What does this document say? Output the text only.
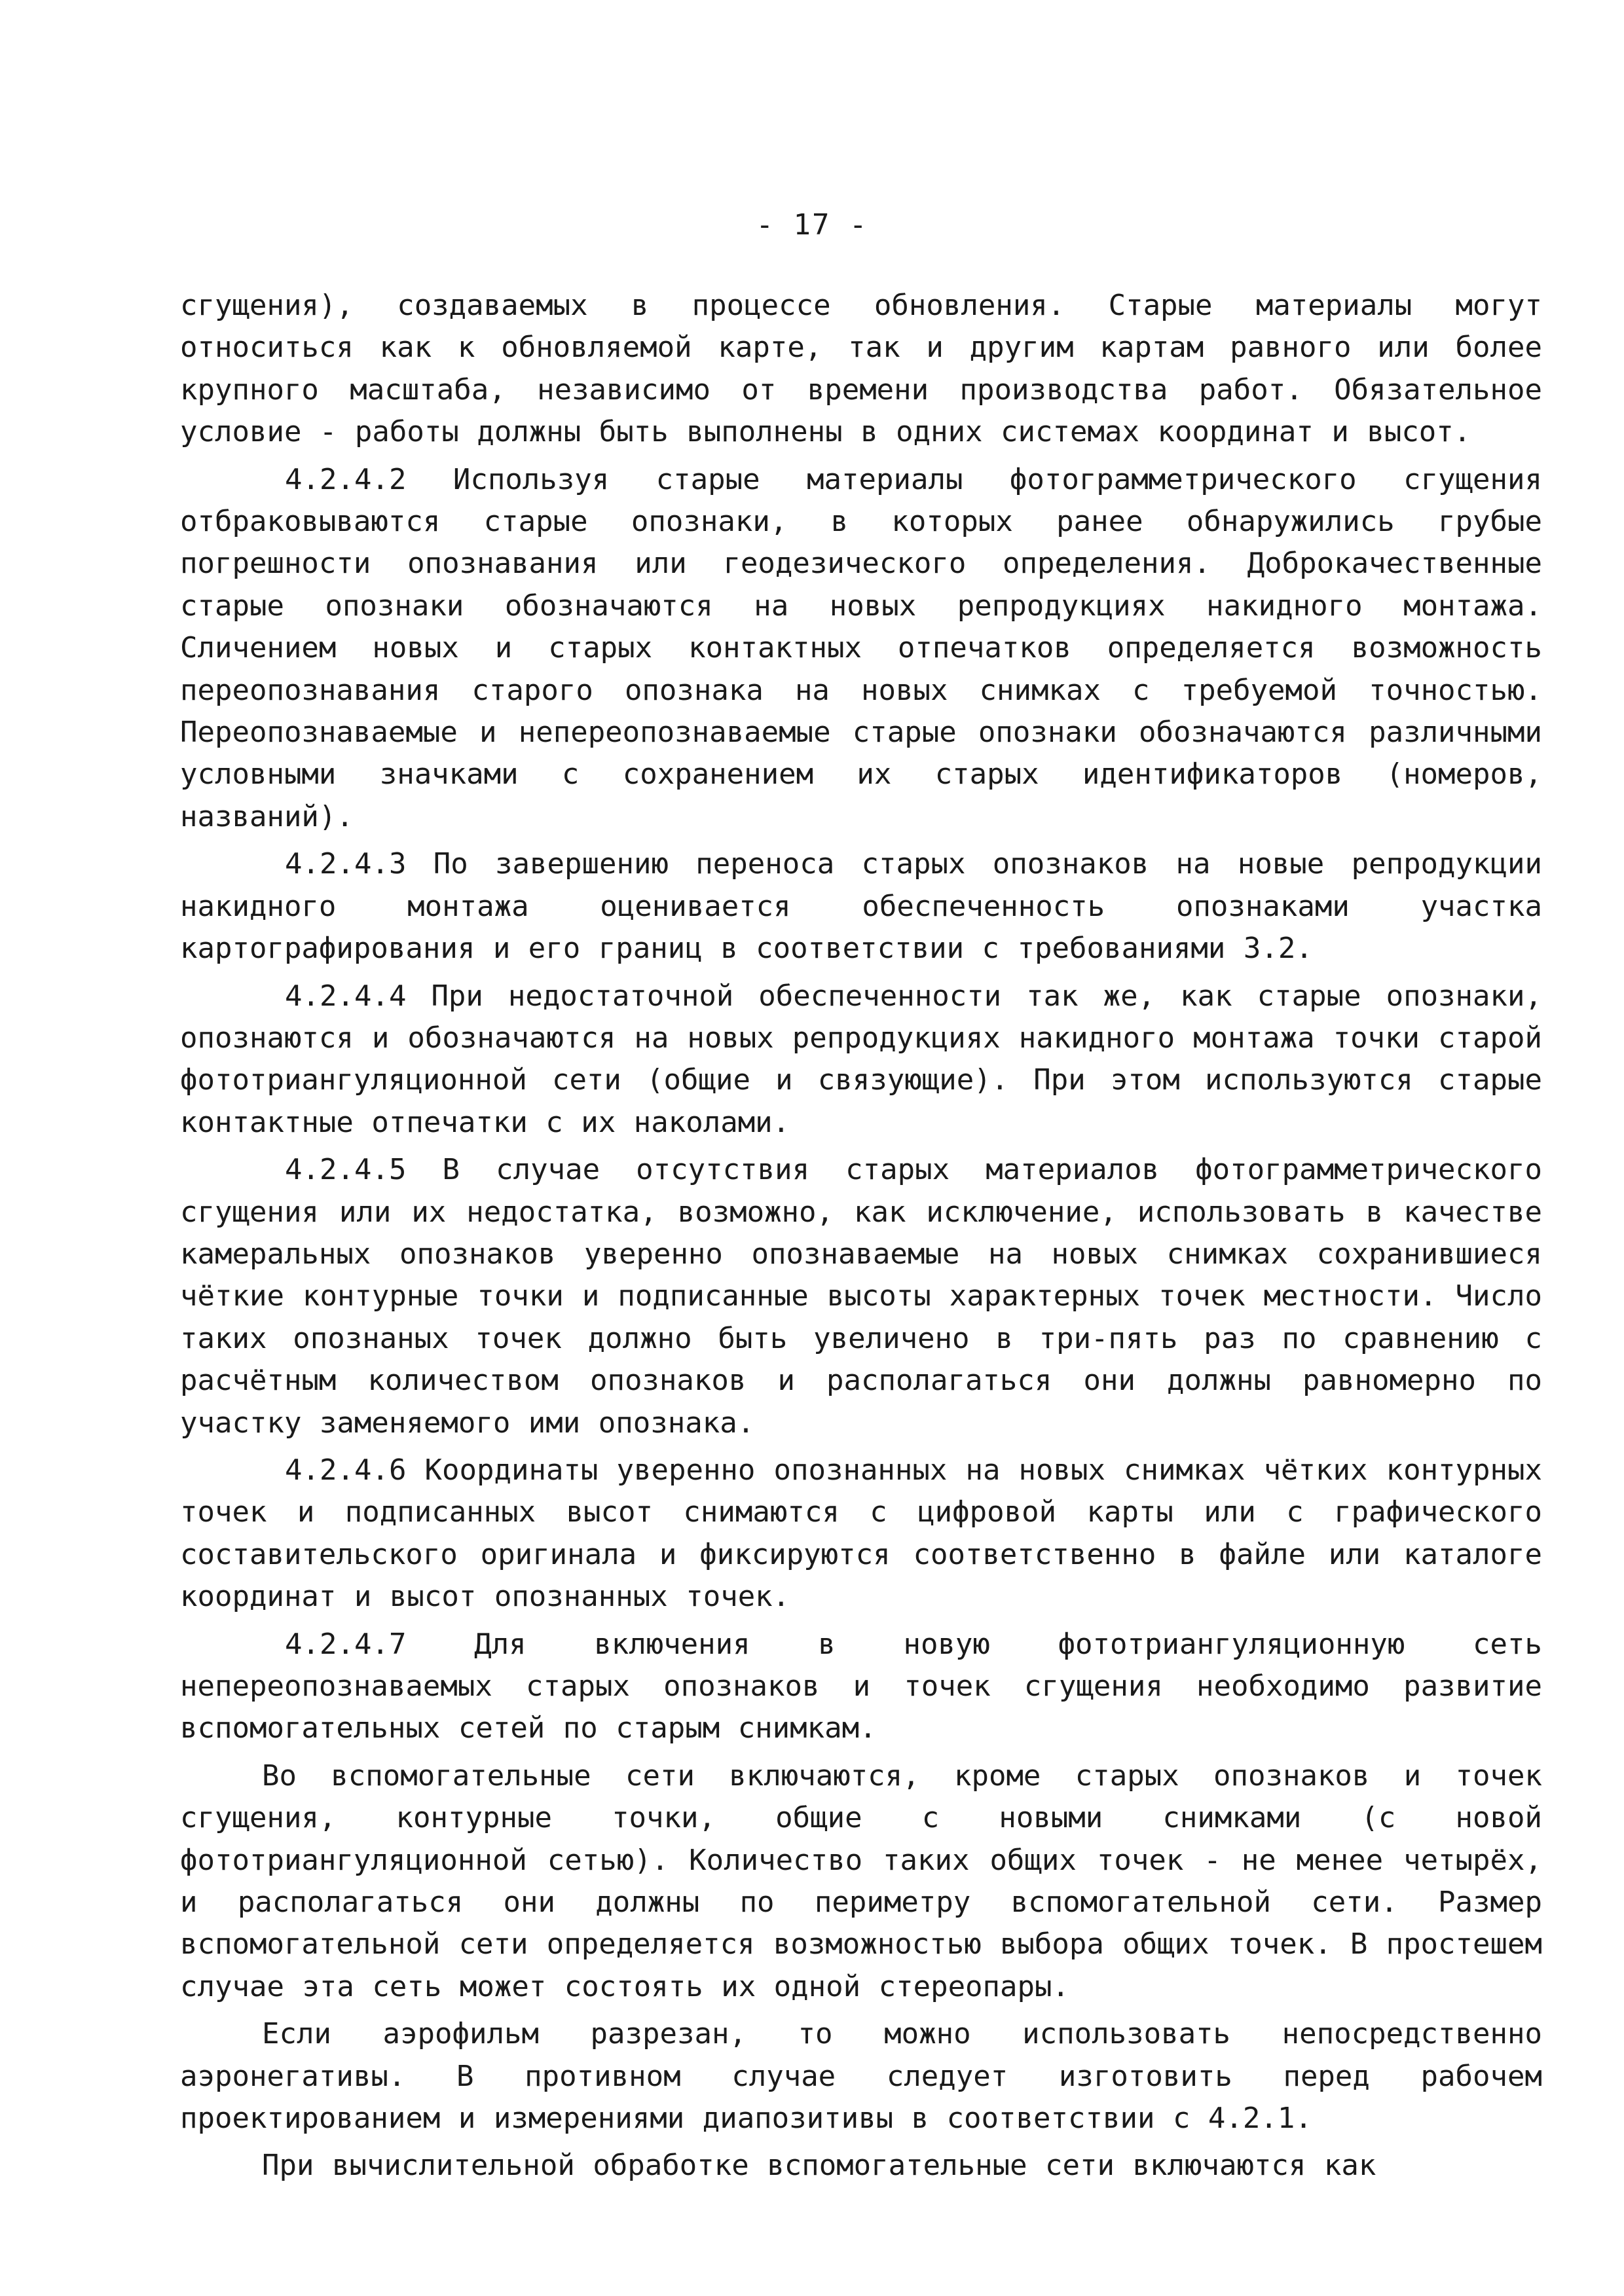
- 17 -

сгущения), создаваемых в процессе обновления. Старые материалы могут относиться как к обновляемой карте, так и другим картам равного или более крупного масштаба, независимо от времени производства работ. Обязательное условие - работы должны быть выполнены в одних системах координат и высот.

4.2.4.2 Используя старые материалы фотограмметрического сгущения отбраковываются старые опознаки, в которых ранее обнаружились грубые погрешности опознавания или геодезического определения. Доброкачественные старые опознаки обозначаются на новых репродукциях накидного монтажа. Сличением новых и старых контактных отпечатков определяется возможность переопознавания старого опознака на новых снимках с требуемой точностью. Переопознаваемые и непереопознаваемые старые опознаки обозначаются различными условными значками с сохранением их старых идентификаторов (номеров, названий).

4.2.4.3 По завершению переноса старых опознаков на новые репродукции накидного монтажа оценивается обеспеченность опознаками участка картографирования и его границ в соответствии с требованиями 3.2.

4.2.4.4 При недостаточной обеспеченности так же, как старые опознаки, опознаются и обозначаются на новых репродукциях накидного монтажа точки старой фототриангуляционной сети (общие и связующие). При этом используются старые контактные отпечатки с их наколами.

4.2.4.5 В случае отсутствия старых материалов фотограмметрического сгущения или их недостатка, возможно, как исключение, использовать в качестве камеральных опознаков уверенно опознаваемые на новых снимках сохранившиеся чёткие контурные точки и подписанные высоты характерных точек местности. Число таких опознаных точек должно быть увеличено в три-пять раз по сравнению с расчётным количеством опознаков и располагаться они должны равномерно по участку заменяемого ими опознака.

4.2.4.6 Координаты уверенно опознанных на новых снимках чётких контурных точек и подписанных высот снимаются с цифровой карты или с графического составительского оригинала и фиксируются соответственно в файле или каталоге координат и высот опознанных точек.

4.2.4.7 Для включения в новую фототриангуляционную сеть непереопознаваемых старых опознаков и точек сгущения необходимо развитие вспомогательных сетей по старым снимкам.

Во вспомогательные сети включаются, кроме старых опознаков и точек сгущения, контурные точки, общие с новыми снимками (с новой фототриангуляционной сетью). Количество таких общих точек - не менее четырёх, и располагаться они должны по периметру вспомогательной сети. Размер вспомогательной сети определяется возможностью выбора общих точек. В простешем случае эта сеть может состоять их одной стереопары.

Если аэрофильм разрезан, то можно использовать непосредственно аэронегативы. В противном случае следует изготовить перед рабочем проектированием и измерениями диапозитивы в соответствии с 4.2.1.

При вычислительной обработке вспомогательные сети включаются как
